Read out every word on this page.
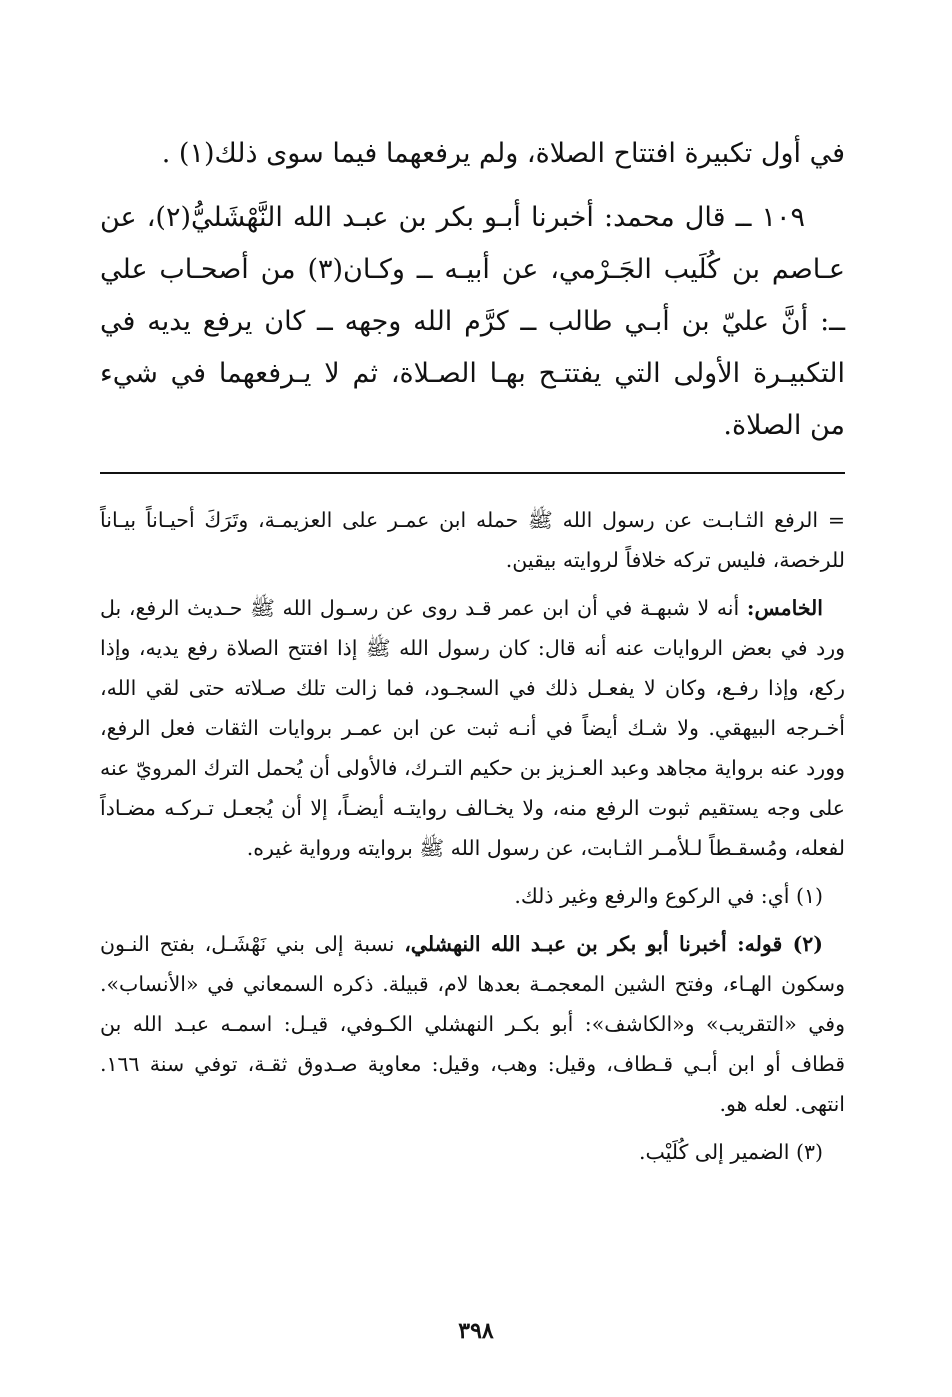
في أول تكبيرة افتتاح الصلاة، ولم يرفعهما فيما سوى ذلك(١) .

١٠٩ ــ قال محمد: أخبرنا أبـو بكر بن عبـد الله النَّهْشَليُّ(٢)، عن عـاصم بن كُلَيب الجَـرْمي، عن أبيـه ــ وكـان(٣) من أصحـاب علي ــ: أنَّ عليّ بن أبـي طالب ــ كرَّم الله وجهه ــ كان يرفع يديه في التكبيـرة الأولى التي يفتتـح بهـا الصـلاة، ثم لا يـرفعهما في شيء من الصلاة.

= الرفع الثـابـت عن رسول الله ﷺ حمله ابن عمـر على العزيمـة، وتَرَكَ أحيـاناً بيـاناً للرخصة، فليس تركه خلافاً لروايته بيقين.

الخامس: أنه لا شبهـة في أن ابن عمر قـد روى عن رسـول الله ﷺ حـديث الرفع، بل ورد في بعض الروايات عنه أنه قال: كان رسول الله ﷺ إذا افتتح الصلاة رفع يديه، وإذا ركع، وإذا رفـع، وكان لا يفعـل ذلك في السجـود، فما زالت تلك صـلاته حتى لقي الله، أخـرجه البيهقي. ولا شـك أيضاً في أنـه ثبت عن ابن عمـر بروايات الثقات فعل الرفع، وورد عنه برواية مجاهد وعبد العـزيز بن حكيم التـرك، فالأولى أن يُحمل الترك المرويّ عنه على وجه يستقيم ثبوت الرفع منه، ولا يخـالف روايتـه أيضـاً، إلا أن يُجعـل تـركـه مضـاداً لفعله، ومُسقـطاً لـلأمـر الثـابت، عن رسول الله ﷺ بروايته ورواية غيره.

(١) أي: في الركوع والرفع وغير ذلك.

(٢) قوله: أخبرنا أبو بكر بن عبـد الله النهشلي، نسبة إلى بني نَهْشَـل، بفتح النـون وسكون الهـاء، وفتح الشين المعجمـة بعدها لام، قبيلة. ذكره السمعاني في «الأنساب». وفي «التقريب» و«الكاشف»: أبو بكـر النهشلي الكـوفي، قيـل: اسمـه عبـد الله بن قطاف أو ابن أبـي قـطاف، وقيل: وهب، وقيل: معاوية صـدوق ثقـة، توفي سنة ١٦٦. انتهى. لعله هو.

(٣) الضمير إلى كُلَيْب.

٣٩٨
